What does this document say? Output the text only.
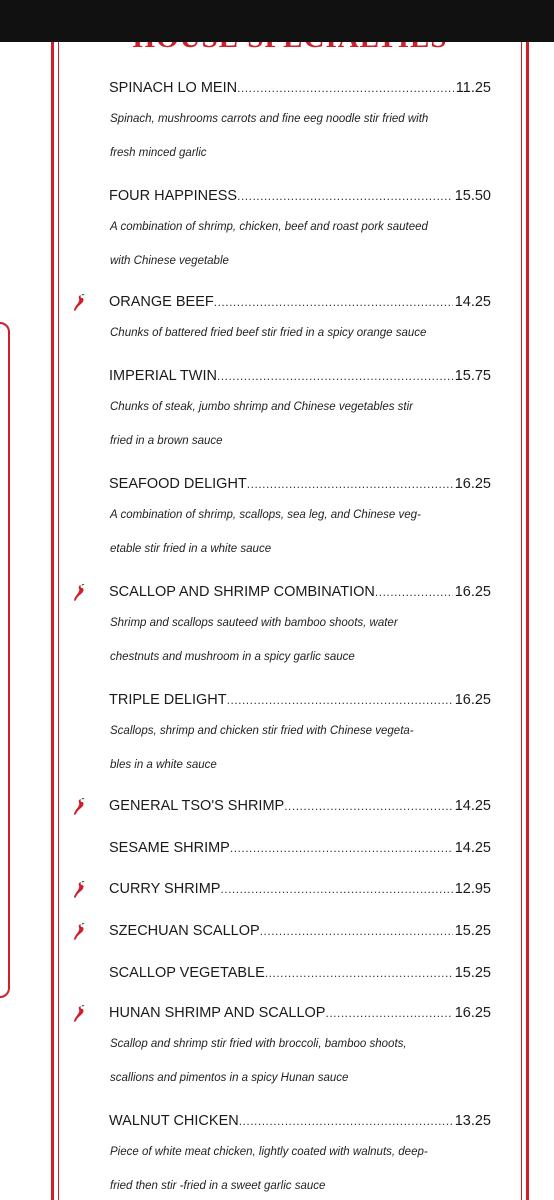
SPINACH LO MEIN .....	11.25
Spinach, mushrooms carrots and fine eeg noodle stir fried with
fresh minced garlic
FOUR HAPPINESS .....	15.50
A combination of shrimp, chicken, beef and roast pork sauteed
with Chinese vegetable
ORANGE BEEF .....	14.25
Chunks of battered fried beef stir fried in a spicy orange sauce
IMPERIAL TWIN .....	15.75
Chunks of steak, jumbo shrimp and Chinese vegetables stir
fried in a brown sauce
SEAFOOD DELIGHT .....	16.25
A combination of shrimp, scallops, sea leg, and Chinese veg-
etable stir fried in a white sauce
SCALLOP AND SHRIMP COMBINATION .....	16.25
Shrimp and scallops sauteed with bamboo shoots, water
chestnuts and mushroom in a spicy garlic sauce
TRIPLE DELIGHT .....	16.25
Scallops, shrimp and chicken stir fried with Chinese vegeta-
bles in a white sauce
GENERAL TSO'S SHRIMP .....	14.25
SESAME SHRIMP .....	14.25
CURRY SHRIMP .....	12.95
SZECHUAN SCALLOP .....	15.25
SCALLOP VEGETABLE .....	15.25
HUNAN SHRIMP AND SCALLOP .....	16.25
Scallop and shrimp stir fried with broccoli, bamboo shoots,
scallions and pimentos in a spicy Hunan sauce
WALNUT CHICKEN .....	13.25
Piece of white meat chicken, lightly coated with walnuts, deep-
fried then stir -fried in a sweet garlic sauce
